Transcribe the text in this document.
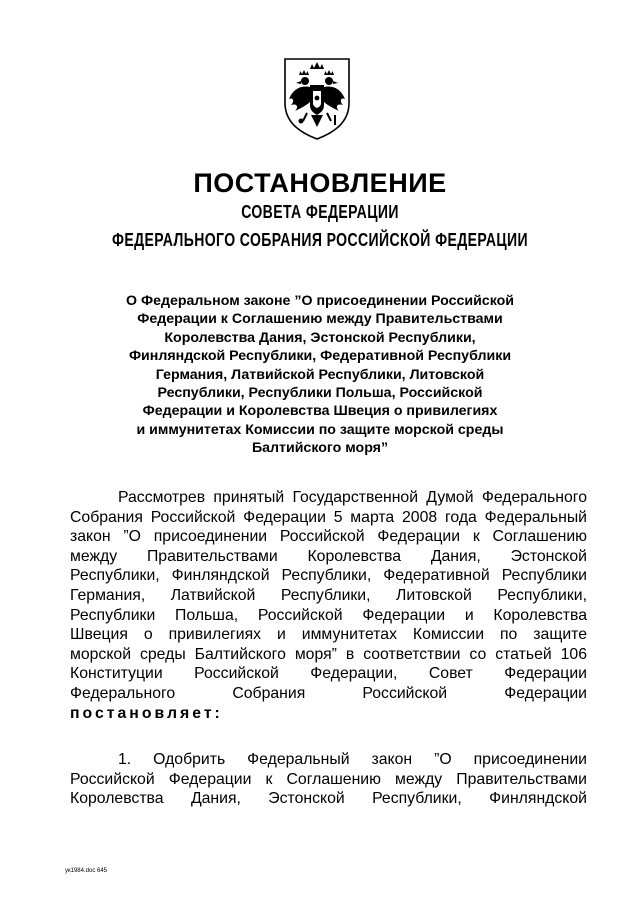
ПОСТАНОВЛЕНИЕ
СОВЕТА ФЕДЕРАЦИИ
ФЕДЕРАЛЬНОГО СОБРАНИЯ РОССИЙСКОЙ ФЕДЕРАЦИИ
О Федеральном законе ”О присоединении Российской
Федерации к Соглашению между Правительствами
Королевства Дания, Эстонской Республики,
Финляндской Республики, Федеративной Республики
Германия, Латвийской Республики, Литовской
Республики, Республики Польша, Российской
Федерации и Королевства Швеция о привилегиях
и иммунитетах Комиссии по защите морской среды
Балтийского моря”
Рассмотрев принятый Государственной Думой Федерального
Собрания Российской Федерации 5 марта 2008 года Федеральный
закон ”О присоединении Российской Федерации к Соглашению
между Правительствами Королевства Дания, Эстонской
Республики, Финляндской Республики, Федеративной Республики
Германия, Латвийской Республики, Литовской Республики,
Республики Польша, Российской Федерации и Королевства
Швеция о привилегиях и иммунитетах Комиссии по защите
морской среды Балтийского моря” в соответствии со статьей 106
Конституции Российской Федерации, Совет Федерации
Федерального Собрания Российской Федерации
постановляет:
1. Одобрить Федеральный закон ”О присоединении
Российской Федерации к Соглашению между Правительствами
Королевства Дания, Эстонской Республики, Финляндской
ук1984.doc 645
